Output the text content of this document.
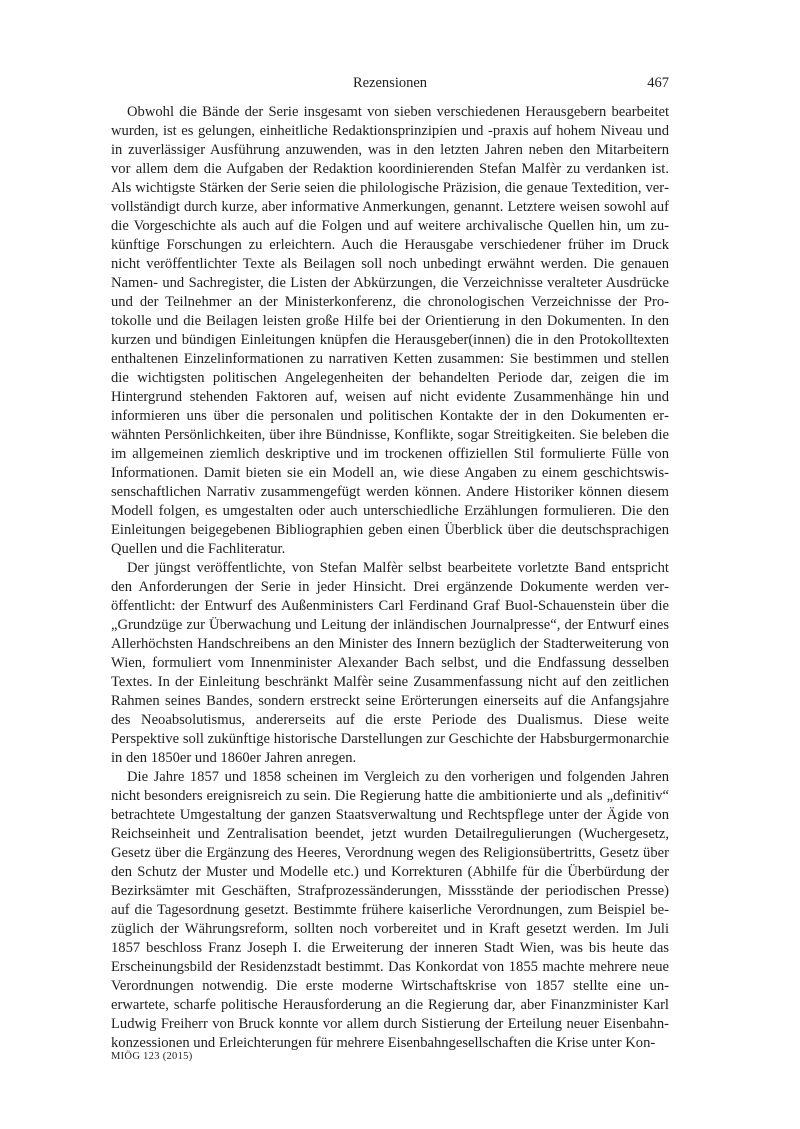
Rezensionen	467

Obwohl die Bände der Serie insgesamt von sieben verschiedenen Herausgebern bearbeitet wurden, ist es gelungen, einheitliche Redaktionsprinzipien und -praxis auf hohem Niveau und in zuverlässiger Ausführung anzuwenden, was in den letzten Jahren neben den Mitarbeitern vor allem dem die Aufgaben der Redaktion koordinierenden Stefan Malfèr zu verdanken ist. Als wichtigste Stärken der Serie seien die philologische Präzision, die genaue Textedition, vervollständigt durch kurze, aber informative Anmerkungen, genannt. Letztere weisen sowohl auf die Vorgeschichte als auch auf die Folgen und auf weitere archivalische Quellen hin, um zukünftige Forschungen zu erleichtern. Auch die Herausgabe verschiedener früher im Druck nicht veröffentlichter Texte als Beilagen soll noch unbedingt erwähnt werden. Die genauen Namen- und Sachregister, die Listen der Abkürzungen, die Verzeichnisse veralteter Ausdrücke und der Teilnehmer an der Ministerkonferenz, die chronologischen Verzeichnisse der Protokolle und die Beilagen leisten große Hilfe bei der Orientierung in den Dokumenten. In den kurzen und bündigen Einleitungen knüpfen die Herausgeber(innen) die in den Protokolltexten enthaltenen Einzelinformationen zu narrativen Ketten zusammen: Sie bestimmen und stellen die wichtigsten politischen Angelegenheiten der behandelten Periode dar, zeigen die im Hintergrund stehenden Faktoren auf, weisen auf nicht evidente Zusammenhänge hin und informieren uns über die personalen und politischen Kontakte der in den Dokumenten erwähnten Persönlichkeiten, über ihre Bündnisse, Konflikte, sogar Streitigkeiten. Sie beleben die im allgemeinen ziemlich deskriptive und im trockenen offiziellen Stil formulierte Fülle von Informationen. Damit bieten sie ein Modell an, wie diese Angaben zu einem geschichtswissenschaftlichen Narrativ zusammengefügt werden können. Andere Historiker können diesem Modell folgen, es umgestalten oder auch unterschiedliche Erzählungen formulieren. Die den Einleitungen beigegebenen Bibliographien geben einen Überblick über die deutschsprachigen Quellen und die Fachliteratur.

Der jüngst veröffentlichte, von Stefan Malfèr selbst bearbeitete vorletzte Band entspricht den Anforderungen der Serie in jeder Hinsicht. Drei ergänzende Dokumente werden veröffentlicht: der Entwurf des Außenministers Carl Ferdinand Graf Buol-Schauenstein über die „Grundzüge zur Überwachung und Leitung der inländischen Journalpresse“, der Entwurf eines Allerhöchsten Handschreibens an den Minister des Innern bezüglich der Stadterweiterung von Wien, formuliert vom Innenminister Alexander Bach selbst, und die Endfassung desselben Textes. In der Einleitung beschränkt Malfèr seine Zusammenfassung nicht auf den zeitlichen Rahmen seines Bandes, sondern erstreckt seine Erörterungen einerseits auf die Anfangsjahre des Neoabsolutismus, andererseits auf die erste Periode des Dualismus. Diese weite Perspektive soll zukünftige historische Darstellungen zur Geschichte der Habsburgermonarchie in den 1850er und 1860er Jahren anregen.

Die Jahre 1857 und 1858 scheinen im Vergleich zu den vorherigen und folgenden Jahren nicht besonders ereignisreich zu sein. Die Regierung hatte die ambitionierte und als „definitiv“ betrachtete Umgestaltung der ganzen Staatsverwaltung und Rechtspflege unter der Ägide von Reichseinheit und Zentralisation beendet, jetzt wurden Detailregulierungen (Wuchergesetz, Gesetz über die Ergänzung des Heeres, Verordnung wegen des Religionsübertritts, Gesetz über den Schutz der Muster und Modelle etc.) und Korrekturen (Abhilfe für die Überbürdung der Bezirksämter mit Geschäften, Strafprozessänderungen, Missstände der periodischen Presse) auf die Tagesordnung gesetzt. Bestimmte frühere kaiserliche Verordnungen, zum Beispiel bezüglich der Währungsreform, sollten noch vorbereitet und in Kraft gesetzt werden. Im Juli 1857 beschloss Franz Joseph I. die Erweiterung der inneren Stadt Wien, was bis heute das Erscheinungsbild der Residenzstadt bestimmt. Das Konkordat von 1855 machte mehrere neue Verordnungen notwendig. Die erste moderne Wirtschaftskrise von 1857 stellte eine unerwartete, scharfe politische Herausforderung an die Regierung dar, aber Finanzminister Karl Ludwig Freiherr von Bruck konnte vor allem durch Sistierung der Erteilung neuer Eisenbahnkonzessionen und Erleichterungen für mehrere Eisenbahngesellschaften die Krise unter Kon-

MIÖG 123 (2015)
